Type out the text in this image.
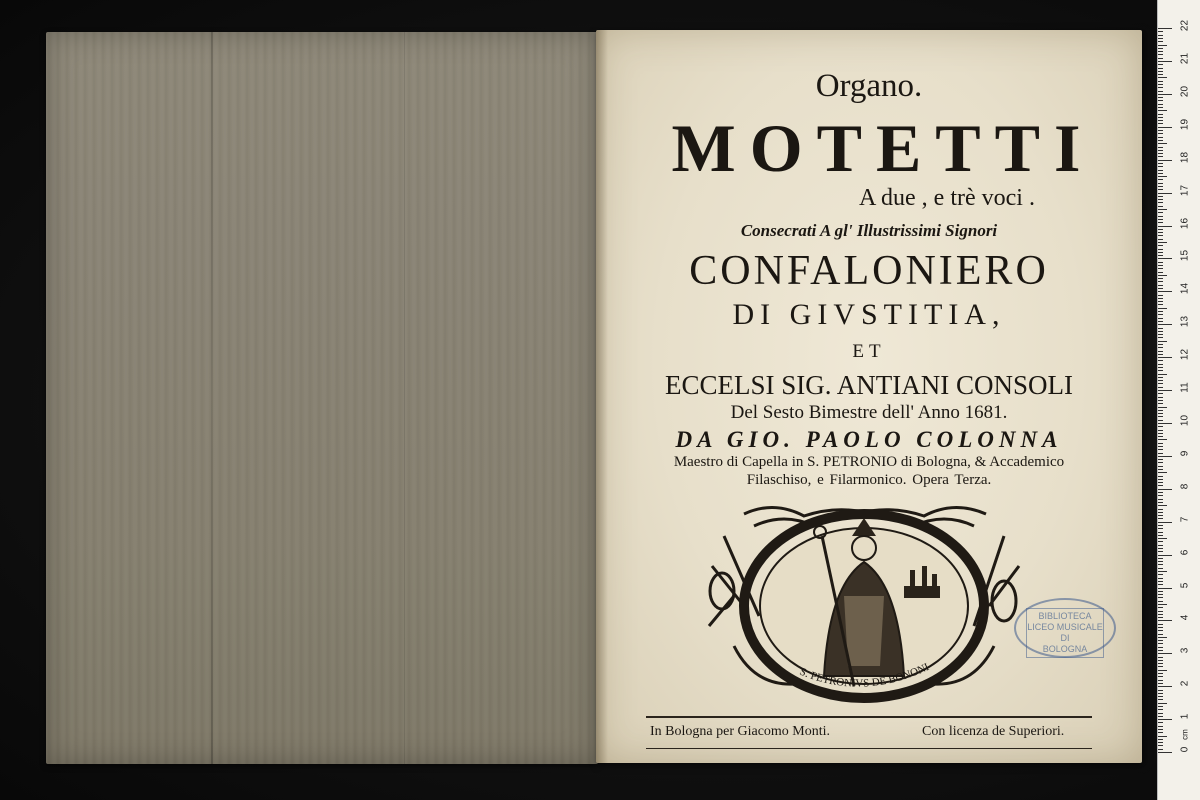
Organo.
MOTETTI
A due , e trè voci .
Consecrati A gl' Illustrissimi Signori
CONFALONIERO
DI GIVSTITIA,
ET
ECCELSI SIG. ANTIANI CONSOLI
Del Sesto Bimestre dell' Anno 1681.
DA GIO. PAOLO COLONNA
Maestro di Capella in S. PETRONIO di Bologna, & Accademico
Filaschiso, e Filarmonico. Opera Terza.
S. PETRONIVS DE BONONI
BIBLIOTECA
LICEO MUSICALE
DI
BOLOGNA
In Bologna per Giacomo Monti.	Con licenza de Superiori.
0
1
2
3
4
5
6
7
8
9
10
11
12
13
14
15
16
17
18
19
20
21
22
cm
